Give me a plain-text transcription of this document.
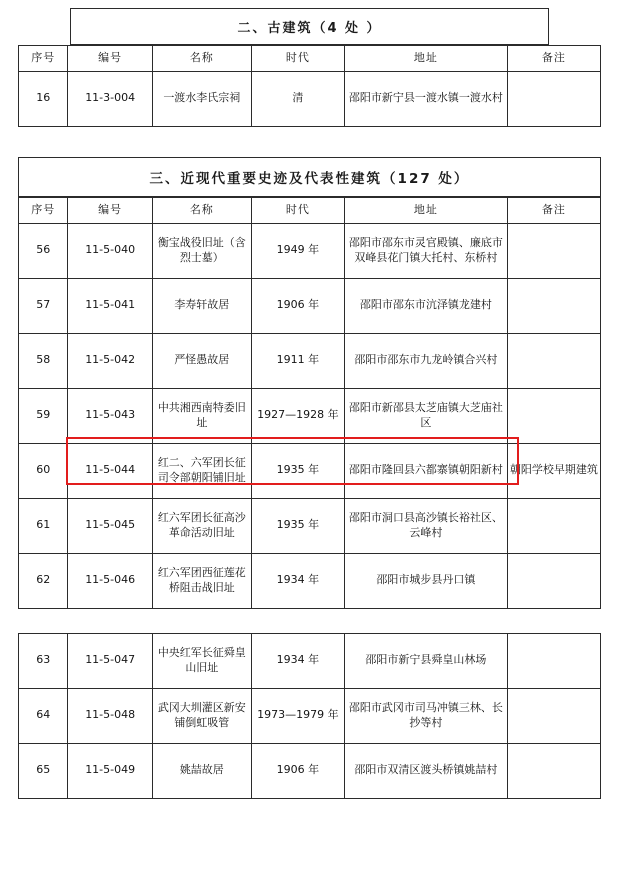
二、古建筑（4 处 ）
序号	编号	名称	时代	地址	备注
16	11-3-004	一渡水李氏宗祠	清	邵阳市新宁县一渡水镇一渡水村	
三、近现代重要史迹及代表性建筑（127 处）
序号	编号	名称	时代	地址	备注
56	11-5-040	衡宝战役旧址（含烈士墓）	1949 年	邵阳市邵东市灵官殿镇、廉底市双峰县花门镇大托村、东桥村	
57	11-5-041	李寿轩故居	1906 年	邵阳市邵东市沆泽镇龙建村	
58	11-5-042	严怪愚故居	1911 年	邵阳市邵东市九龙岭镇合兴村	
59	11-5-043	中共湘西南特委旧址	1927—1928 年	邵阳市新邵县太芝庙镇大芝庙社区	
60	11-5-044	红二、六军团长征司令部朝阳铺旧址	1935 年	邵阳市隆回县六都寨镇朝阳新村	朝阳学校早期建筑
61	11-5-045	红六军团长征高沙革命活动旧址	1935 年	邵阳市洞口县高沙镇长裕社区、云峰村	
62	11-5-046	红六军团西征莲花桥阻击战旧址	1934 年	邵阳市城步县丹口镇	
63	11-5-047	中央红军长征舜皇山旧址	1934 年	邵阳市新宁县舜皇山林场	
64	11-5-048	武冈大圳灌区新安铺倒虹吸管	1973—1979 年	邵阳市武冈市司马冲镇三林、长抄等村	
65	11-5-049	姚喆故居	1906 年	邵阳市双清区渡头桥镇姚喆村	
